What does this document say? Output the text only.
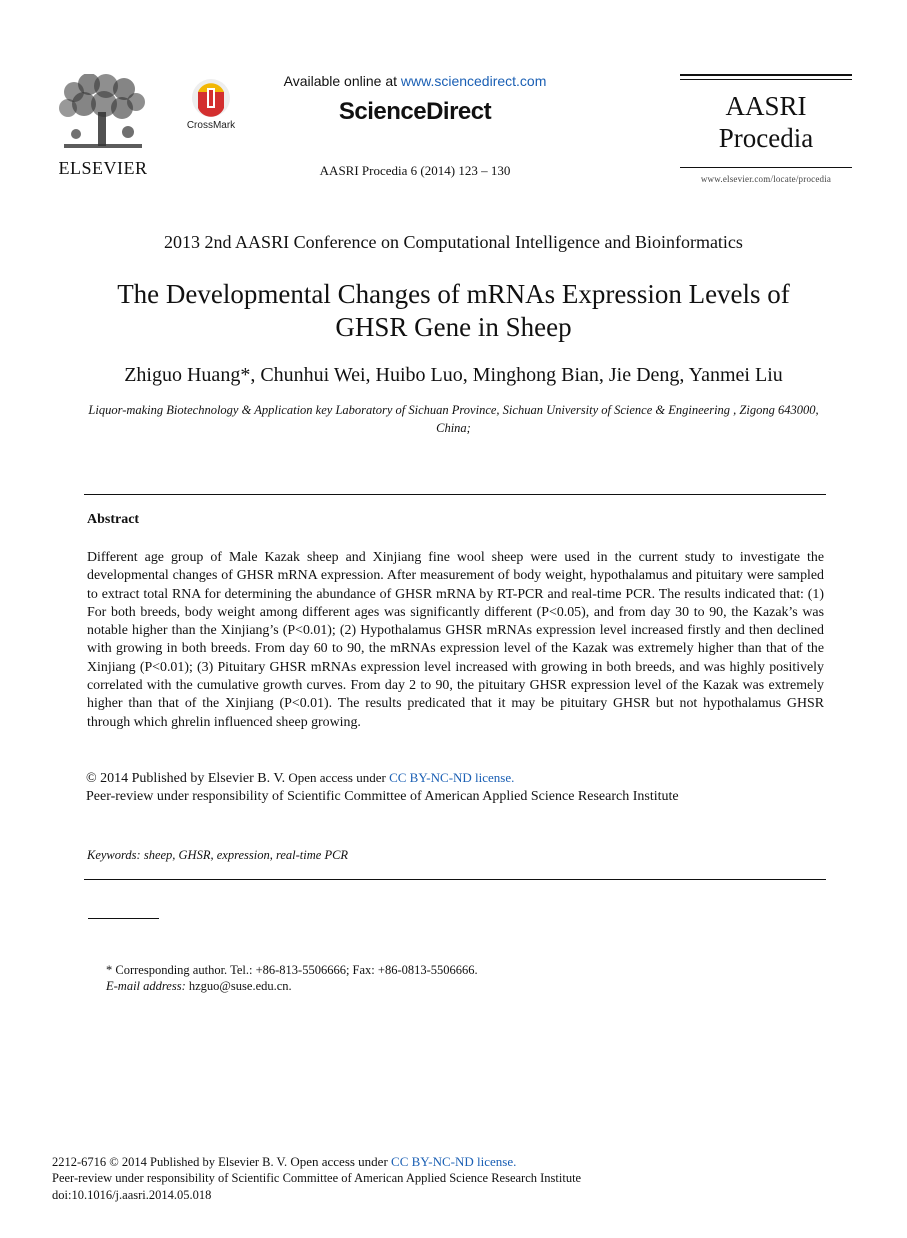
ELSEVIER
CrossMark
Available online at www.sciencedirect.com
ScienceDirect
AASRI Procedia 6 (2014) 123 – 130
AASRI
Procedia
www.elsevier.com/locate/procedia
2013 2nd AASRI Conference on Computational Intelligence and Bioinformatics
The Developmental Changes of mRNAs Expression Levels of
GHSR Gene in Sheep
Zhiguo Huang*, Chunhui Wei, Huibo Luo, Minghong Bian, Jie Deng, Yanmei Liu
Liquor-making Biotechnology & Application key Laboratory of Sichuan Province, Sichuan University of Science & Engineering , Zigong 643000, China;
Abstract
Different age group of Male Kazak sheep and Xinjiang fine wool sheep were used in the current study to investigate the developmental changes of GHSR mRNA expression. After measurement of body weight, hypothalamus and pituitary were sampled to extract total RNA for determining the abundance of GHSR mRNA by RT-PCR and real-time PCR. The results indicated that: (1) For both breeds, body weight among different ages was significantly different (P<0.05), and from day 30 to 90, the Kazak’s was notable higher than the Xinjiang’s (P<0.01); (2) Hypothalamus GHSR mRNAs expression level increased firstly and then declined with growing in both breeds. From day 60 to 90, the mRNAs expression level of the Kazak was extremely higher than that of the Xinjiang (P<0.01); (3) Pituitary GHSR mRNAs expression level increased with growing in both breeds, and was highly positively correlated with the cumulative growth curves. From day 2 to 90, the pituitary GHSR expression level of the Kazak was extremely higher than that of the Xinjiang (P<0.01). The results predicated that it may be pituitary GHSR but not hypothalamus GHSR through which ghrelin influenced sheep growing.
© 2014 Published by Elsevier B. V. Open access under CC BY-NC-ND license.
Peer-review under responsibility of Scientific Committee of American Applied Science Research Institute
Keywords: sheep, GHSR, expression, real-time PCR
* Corresponding author. Tel.: +86-813-5506666; Fax: +86-0813-5506666.
E-mail address: hzguo@suse.edu.cn.
2212-6716 © 2014 Published by Elsevier B. V. Open access under CC BY-NC-ND license.
Peer-review under responsibility of Scientific Committee of American Applied Science Research Institute
doi:10.1016/j.aasri.2014.05.018
